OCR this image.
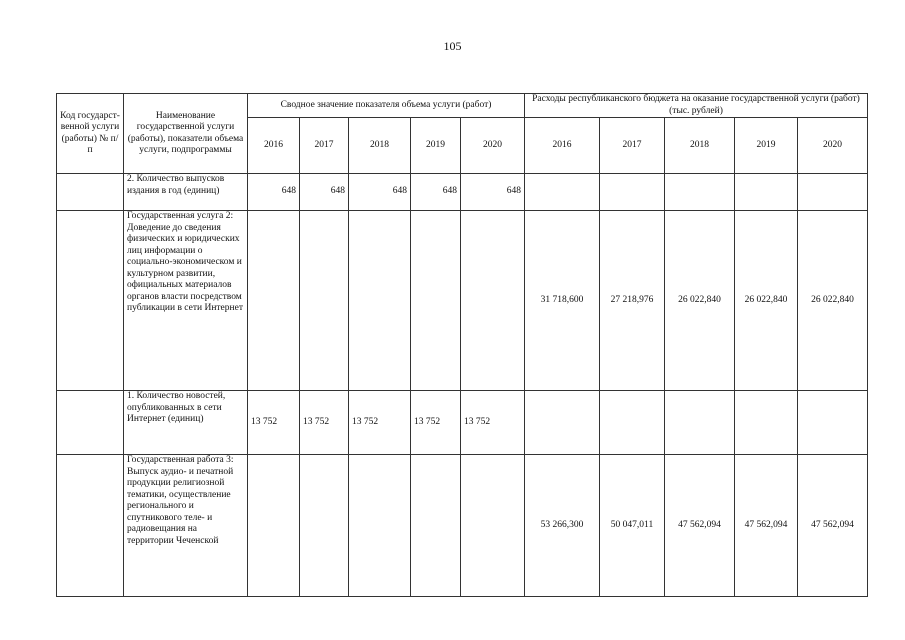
105
Код государст-венной услуги (работы) № п/п	Наименование государственной услуги (работы), показатели объема услуги, подпрограммы	Сводное значение показателя объема услуги (работ)					Расходы республиканского бюджета на оказание государственной услуги (работ) (тыс. рублей)				
		2016	2017	2018	2019	2020	2016	2017	2018	2019	2020
	2. Количество выпусков издания в год (единиц)	648	648	648	648	648					
	Государственная услуга 2: Доведение до сведения физических и юридических лиц информации о социально-экономическом и культурном развитии, официальных материалов органов власти посредством публикации в сети Интернет						31 718,600	27 218,976	26 022,840	26 022,840	26 022,840
	1. Количество новостей, опубликованных в сети Интернет (единиц)	13 752	13 752	13 752	13 752	13 752					
	Государственная работа 3: Выпуск аудио- и печатной продукции религиозной тематики, осуществление регионального и спутникового теле- и радиовещания на территории Чеченской						53 266,300	50 047,011	47 562,094	47 562,094	47 562,094
